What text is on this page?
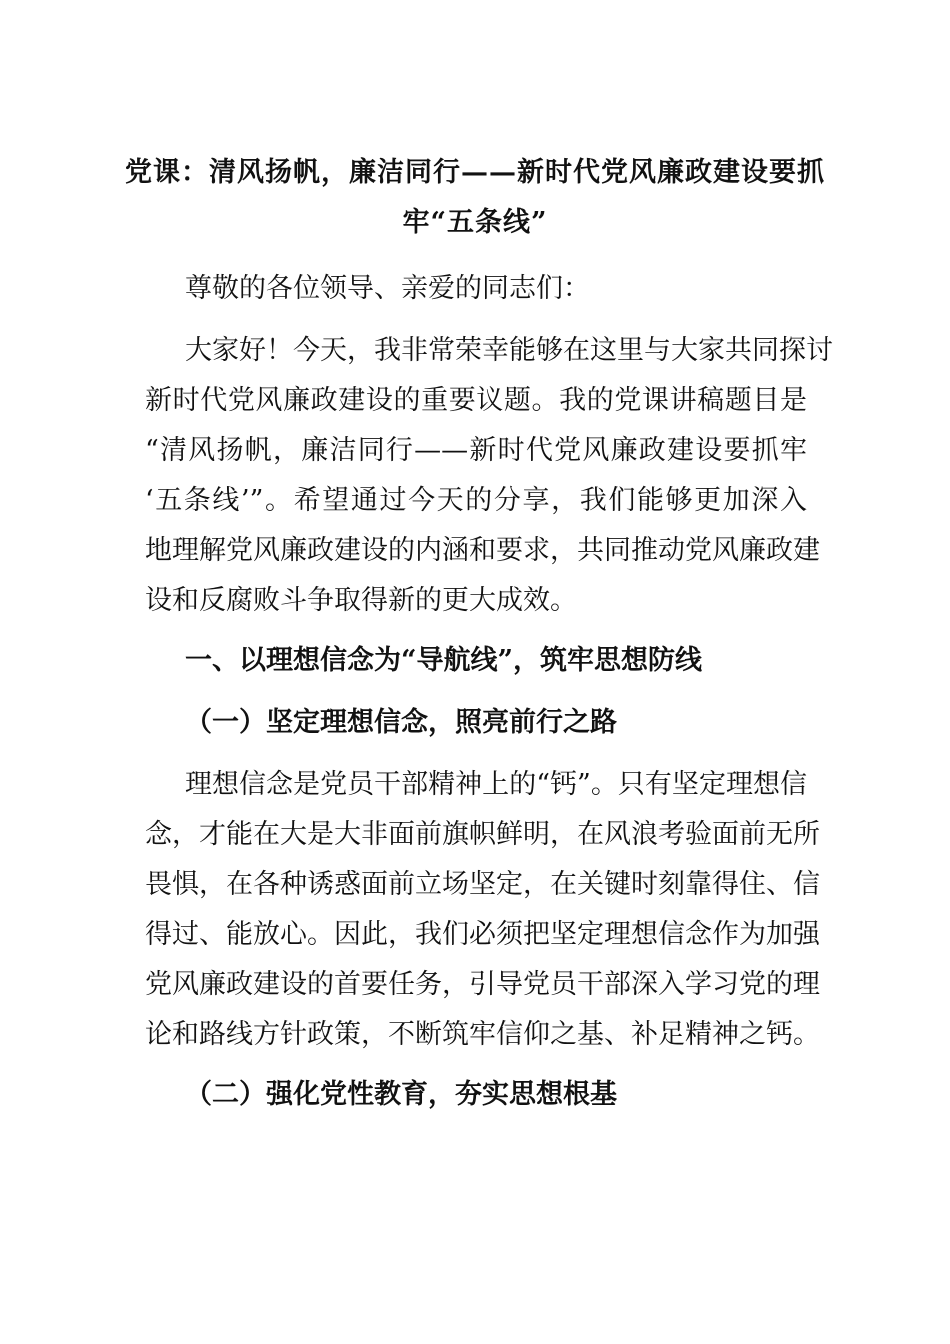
党课：清风扬帆，廉洁同行——新时代党风廉政建设要抓
牢“五条线”
尊敬的各位领导、亲爱的同志们：
大家好！今天，我非常荣幸能够在这里与大家共同探讨
新时代党风廉政建设的重要议题。我的党课讲稿题目是
“清风扬帆，廉洁同行——新时代党风廉政建设要抓牢
‘五条线’”。希望通过今天的分享，我们能够更加深入
地理解党风廉政建设的内涵和要求，共同推动党风廉政建
设和反腐败斗争取得新的更大成效。
一、以理想信念为“导航线”，筑牢思想防线
（一）坚定理想信念，照亮前行之路
理想信念是党员干部精神上的“钙”。只有坚定理想信
念，才能在大是大非面前旗帜鲜明，在风浪考验面前无所
畏惧，在各种诱惑面前立场坚定，在关键时刻靠得住、信
得过、能放心。因此，我们必须把坚定理想信念作为加强
党风廉政建设的首要任务，引导党员干部深入学习党的理
论和路线方针政策，不断筑牢信仰之基、补足精神之钙。
（二）强化党性教育，夯实思想根基
